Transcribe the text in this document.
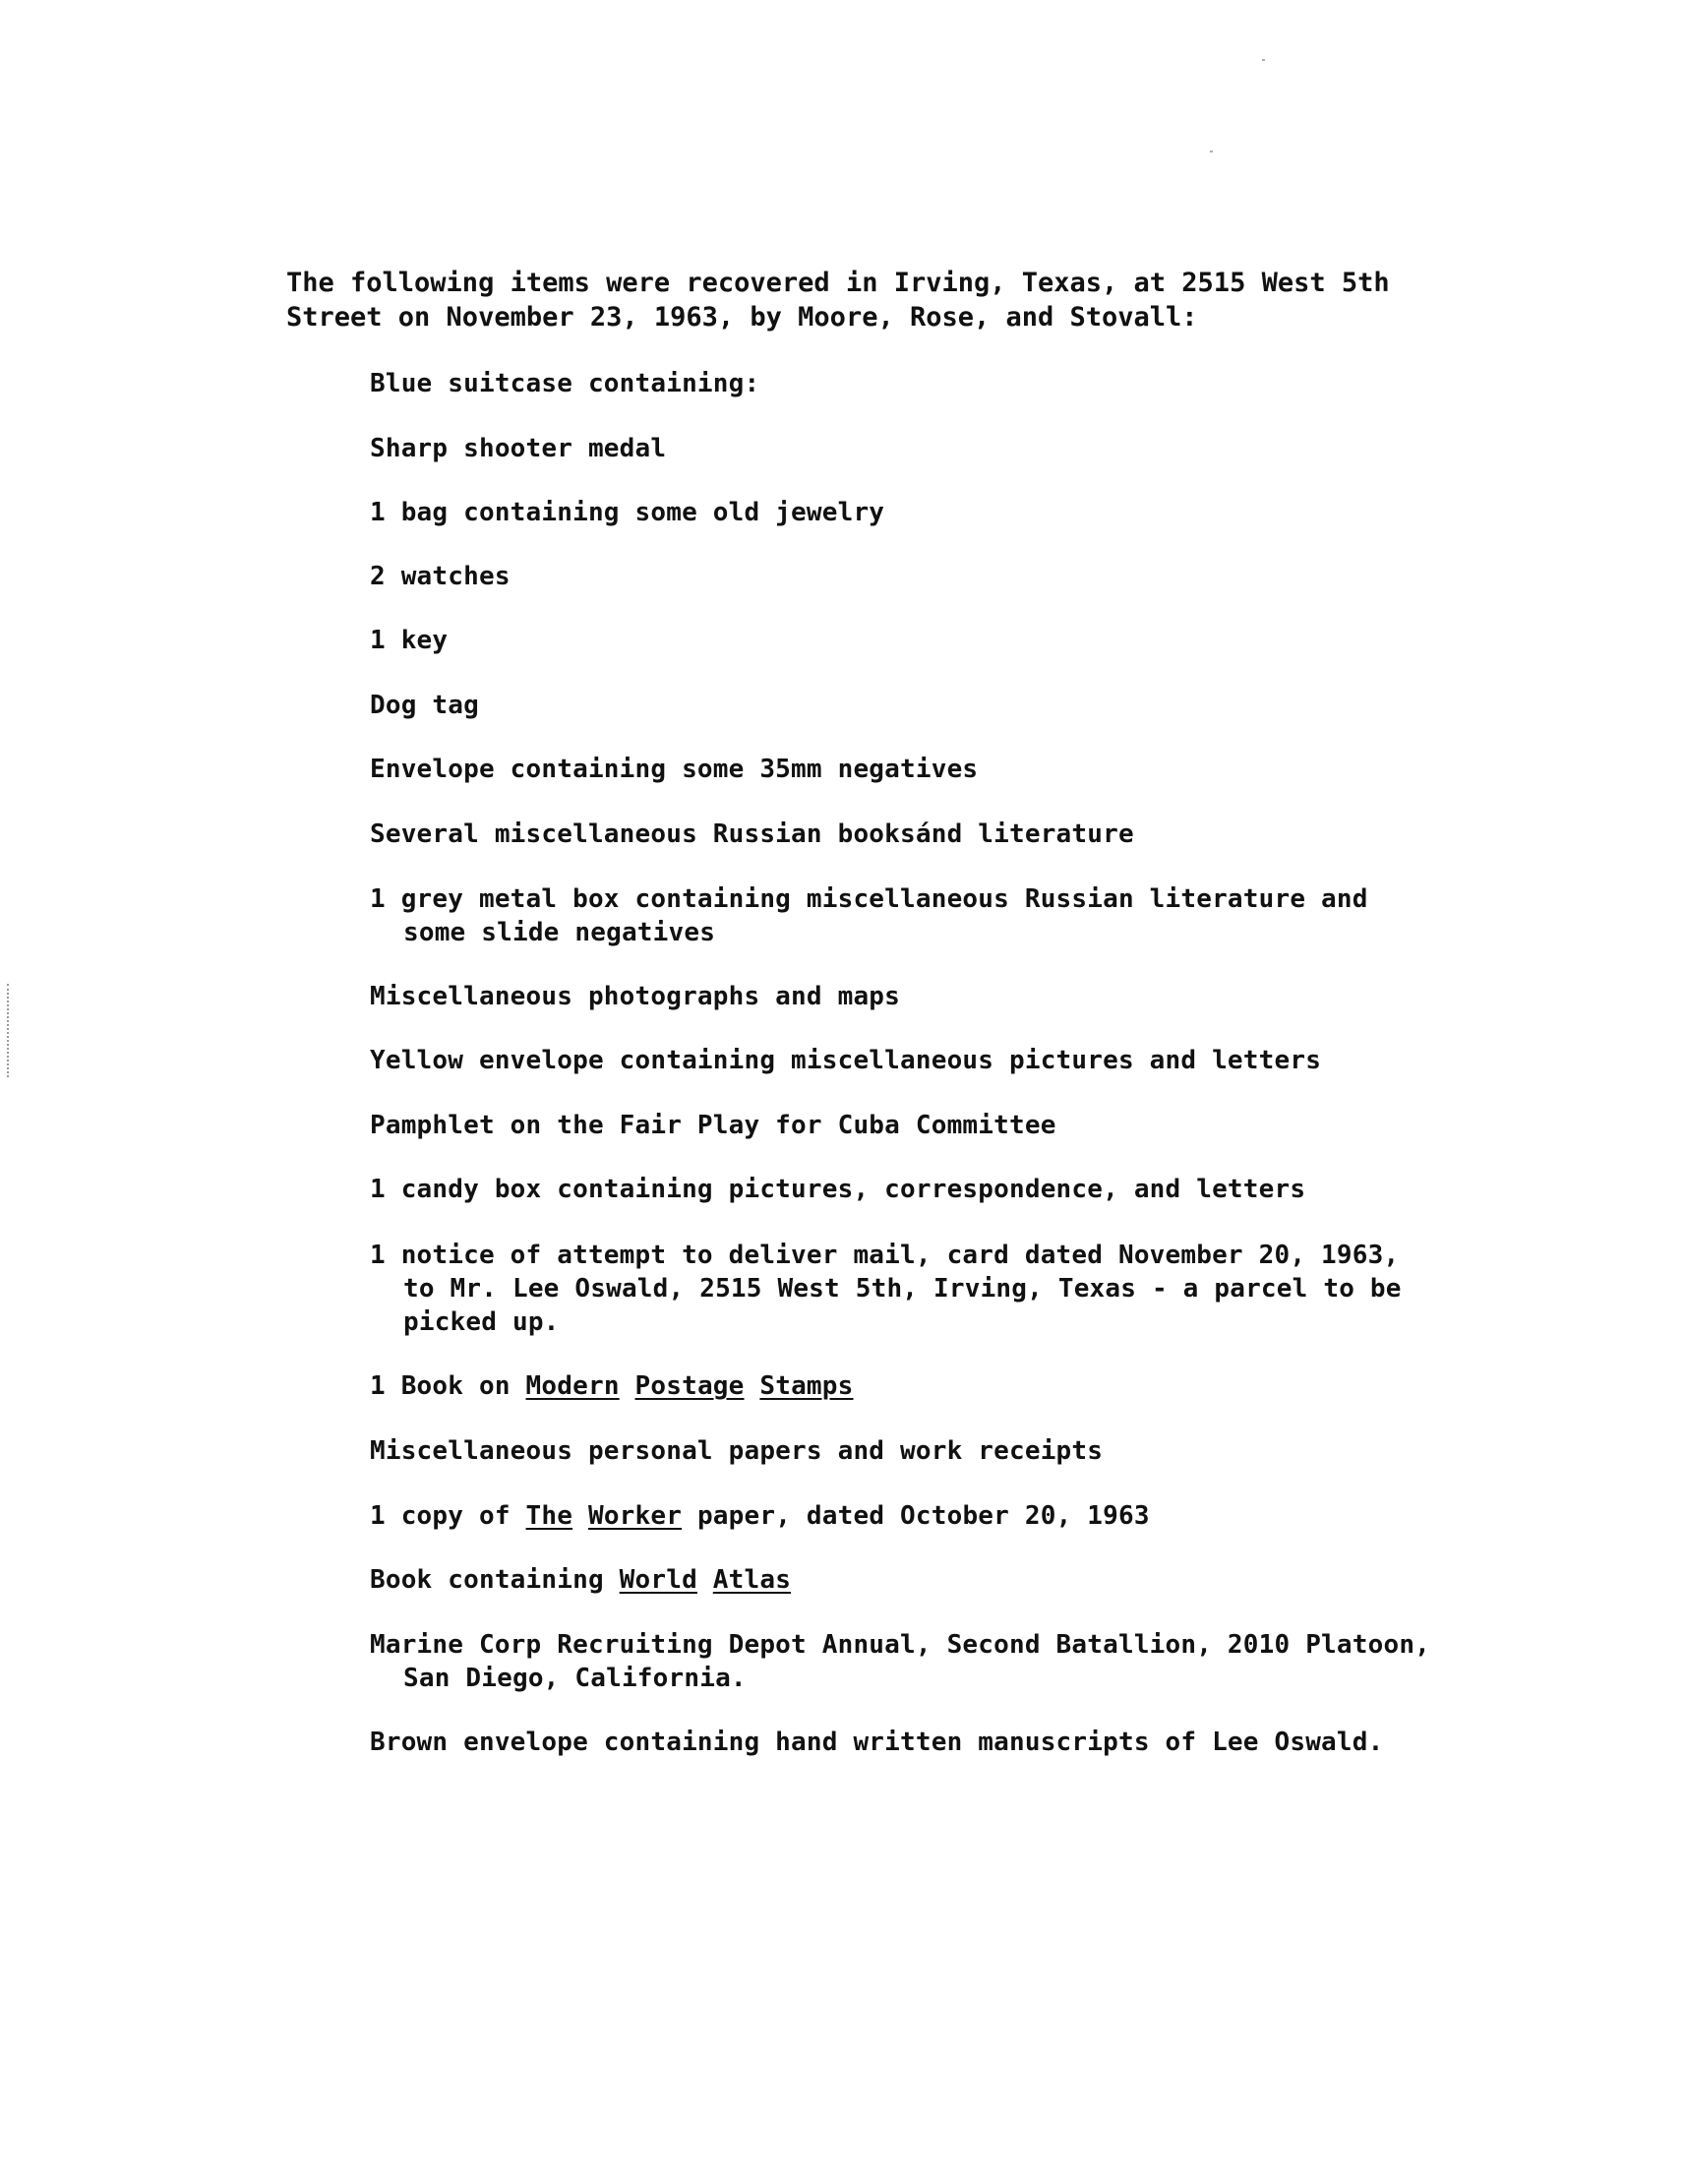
The following items were recovered in Irving, Texas, at 2515 West 5th
Street on November 23, 1963, by Moore, Rose, and Stovall:
Blue suitcase containing:
Sharp shooter medal
1 bag containing some old jewelry
2 watches
1 key
Dog tag
Envelope containing some 35mm negatives
Several miscellaneous Russian booksánd literature
1 grey metal box containing miscellaneous Russian literature and
some slide negatives
Miscellaneous photographs and maps
Yellow envelope containing miscellaneous pictures and letters
Pamphlet on the Fair Play for Cuba Committee
1 candy box containing pictures, correspondence, and letters
1 notice of attempt to deliver mail, card dated November 20, 1963,
to Mr. Lee Oswald, 2515 West 5th, Irving, Texas - a parcel to be
picked up.
1 Book on Modern Postage Stamps
Miscellaneous personal papers and work receipts
1 copy of The Worker paper, dated October 20, 1963
Book containing World Atlas
Marine Corp Recruiting Depot Annual, Second Batallion, 2010 Platoon,
San Diego, California.
Brown envelope containing hand written manuscripts of Lee Oswald.
